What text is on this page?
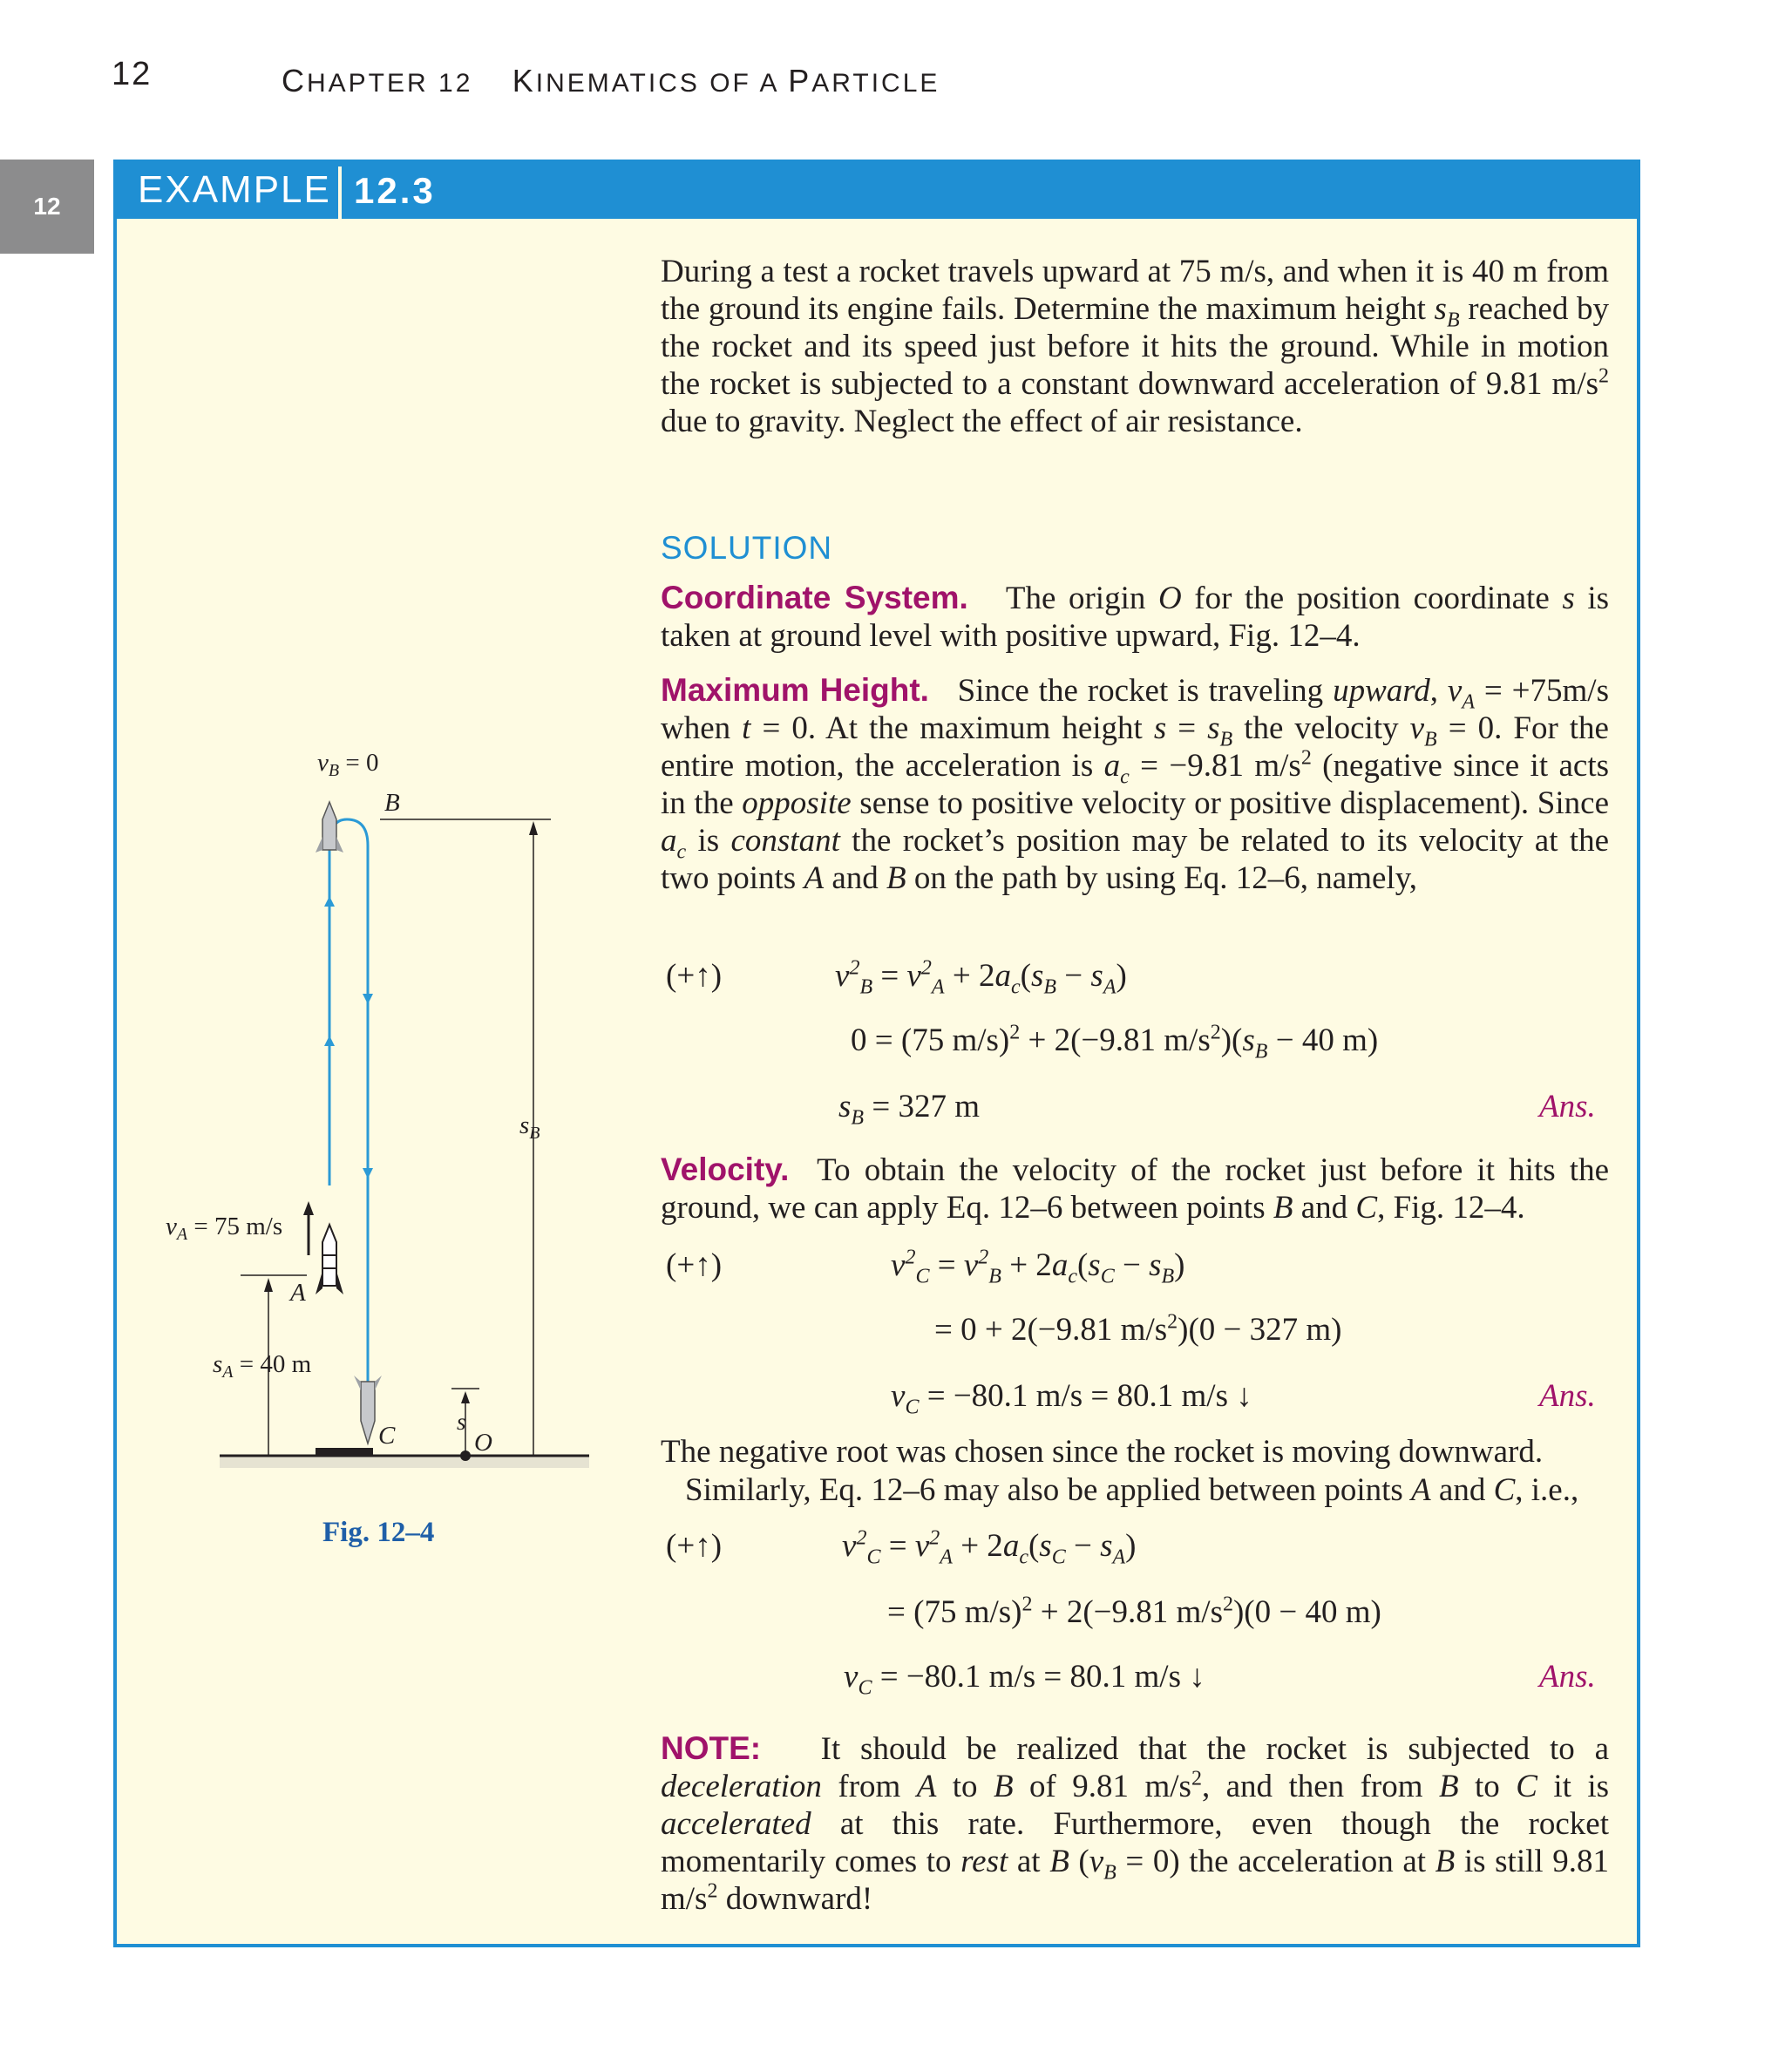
12	CHAPTER 12    KINEMATICS OF A PARTICLE
12	EXAMPLE 12.3

During a test a rocket travels upward at 75 m/s, and when it is 40 m from the ground its engine fails. Determine the maximum height $s_B$ reached by the rocket and its speed just before it hits the ground. While in motion the rocket is subjected to a constant downward acceleration of 9.81 $m/s^2$ due to gravity. Neglect the effect of air resistance.

SOLUTION

Coordinate System.   The origin O for the position coordinate s is taken at ground level with positive upward, Fig. 12–4.

Maximum Height.   Since the rocket is traveling upward, $v_A = +75m/s$ when t = 0. At the maximum height $s = s_B$ the velocity $v_B = 0$. For the entire motion, the acceleration is $a_c = -9.81$ $m/s^2$ (negative since it acts in the opposite sense to positive velocity or positive displacement). Since $a_c$ is constant the rocket’s position may be related to its velocity at the two points A and B on the path by using Eq. 12–6, namely,

(+↑)	$v^2_B = v^2_A + 2a_c(s_B - s_A)$
0 = (75 m/s)$^2$ + 2(−9.81 $m/s^2)(s_B - 40$ m)
$s_B = 327$ m	Ans.

Velocity.  To obtain the velocity of the rocket just before it hits the ground, we can apply Eq. 12–6 between points B and C, Fig. 12–4.

(+↑)	$v^2_C = v^2_B + 2a_c(s_C - s_B)$
= 0 + 2(−9.81 $m/s^2)(0 - 327$ m)
$v_C = -80.1$ m/s = 80.1 m/s ↓	Ans.
The negative root was chosen since the rocket is moving downward.
Similarly, Eq. 12–6 may also be applied between points A and C, i.e.,
(+↑)	$v^2_C = v^2_A + 2a_c(s_C - s_A)$
= (75 m/s)$^2$ + 2(−9.81 $m/s^2)(0 - 40$ m)
$v_C = -80.1$ m/s = 80.1 m/s ↓	Ans.

NOTE:   It should be realized that the rocket is subjected to a deceleration from A to B of 9.81 $m/s^2$, and then from B to C it is accelerated at this rate. Furthermore, even though the rocket momentarily comes to rest at B $(v_B = 0)$ the acceleration at B is still 9.81 $m/s^2$ downward!

$v_B = 0$
B
$s_B$
$v_A = 75$ m/s
A
$s_A = 40$ m
C	s
O
Fig. 12–4
